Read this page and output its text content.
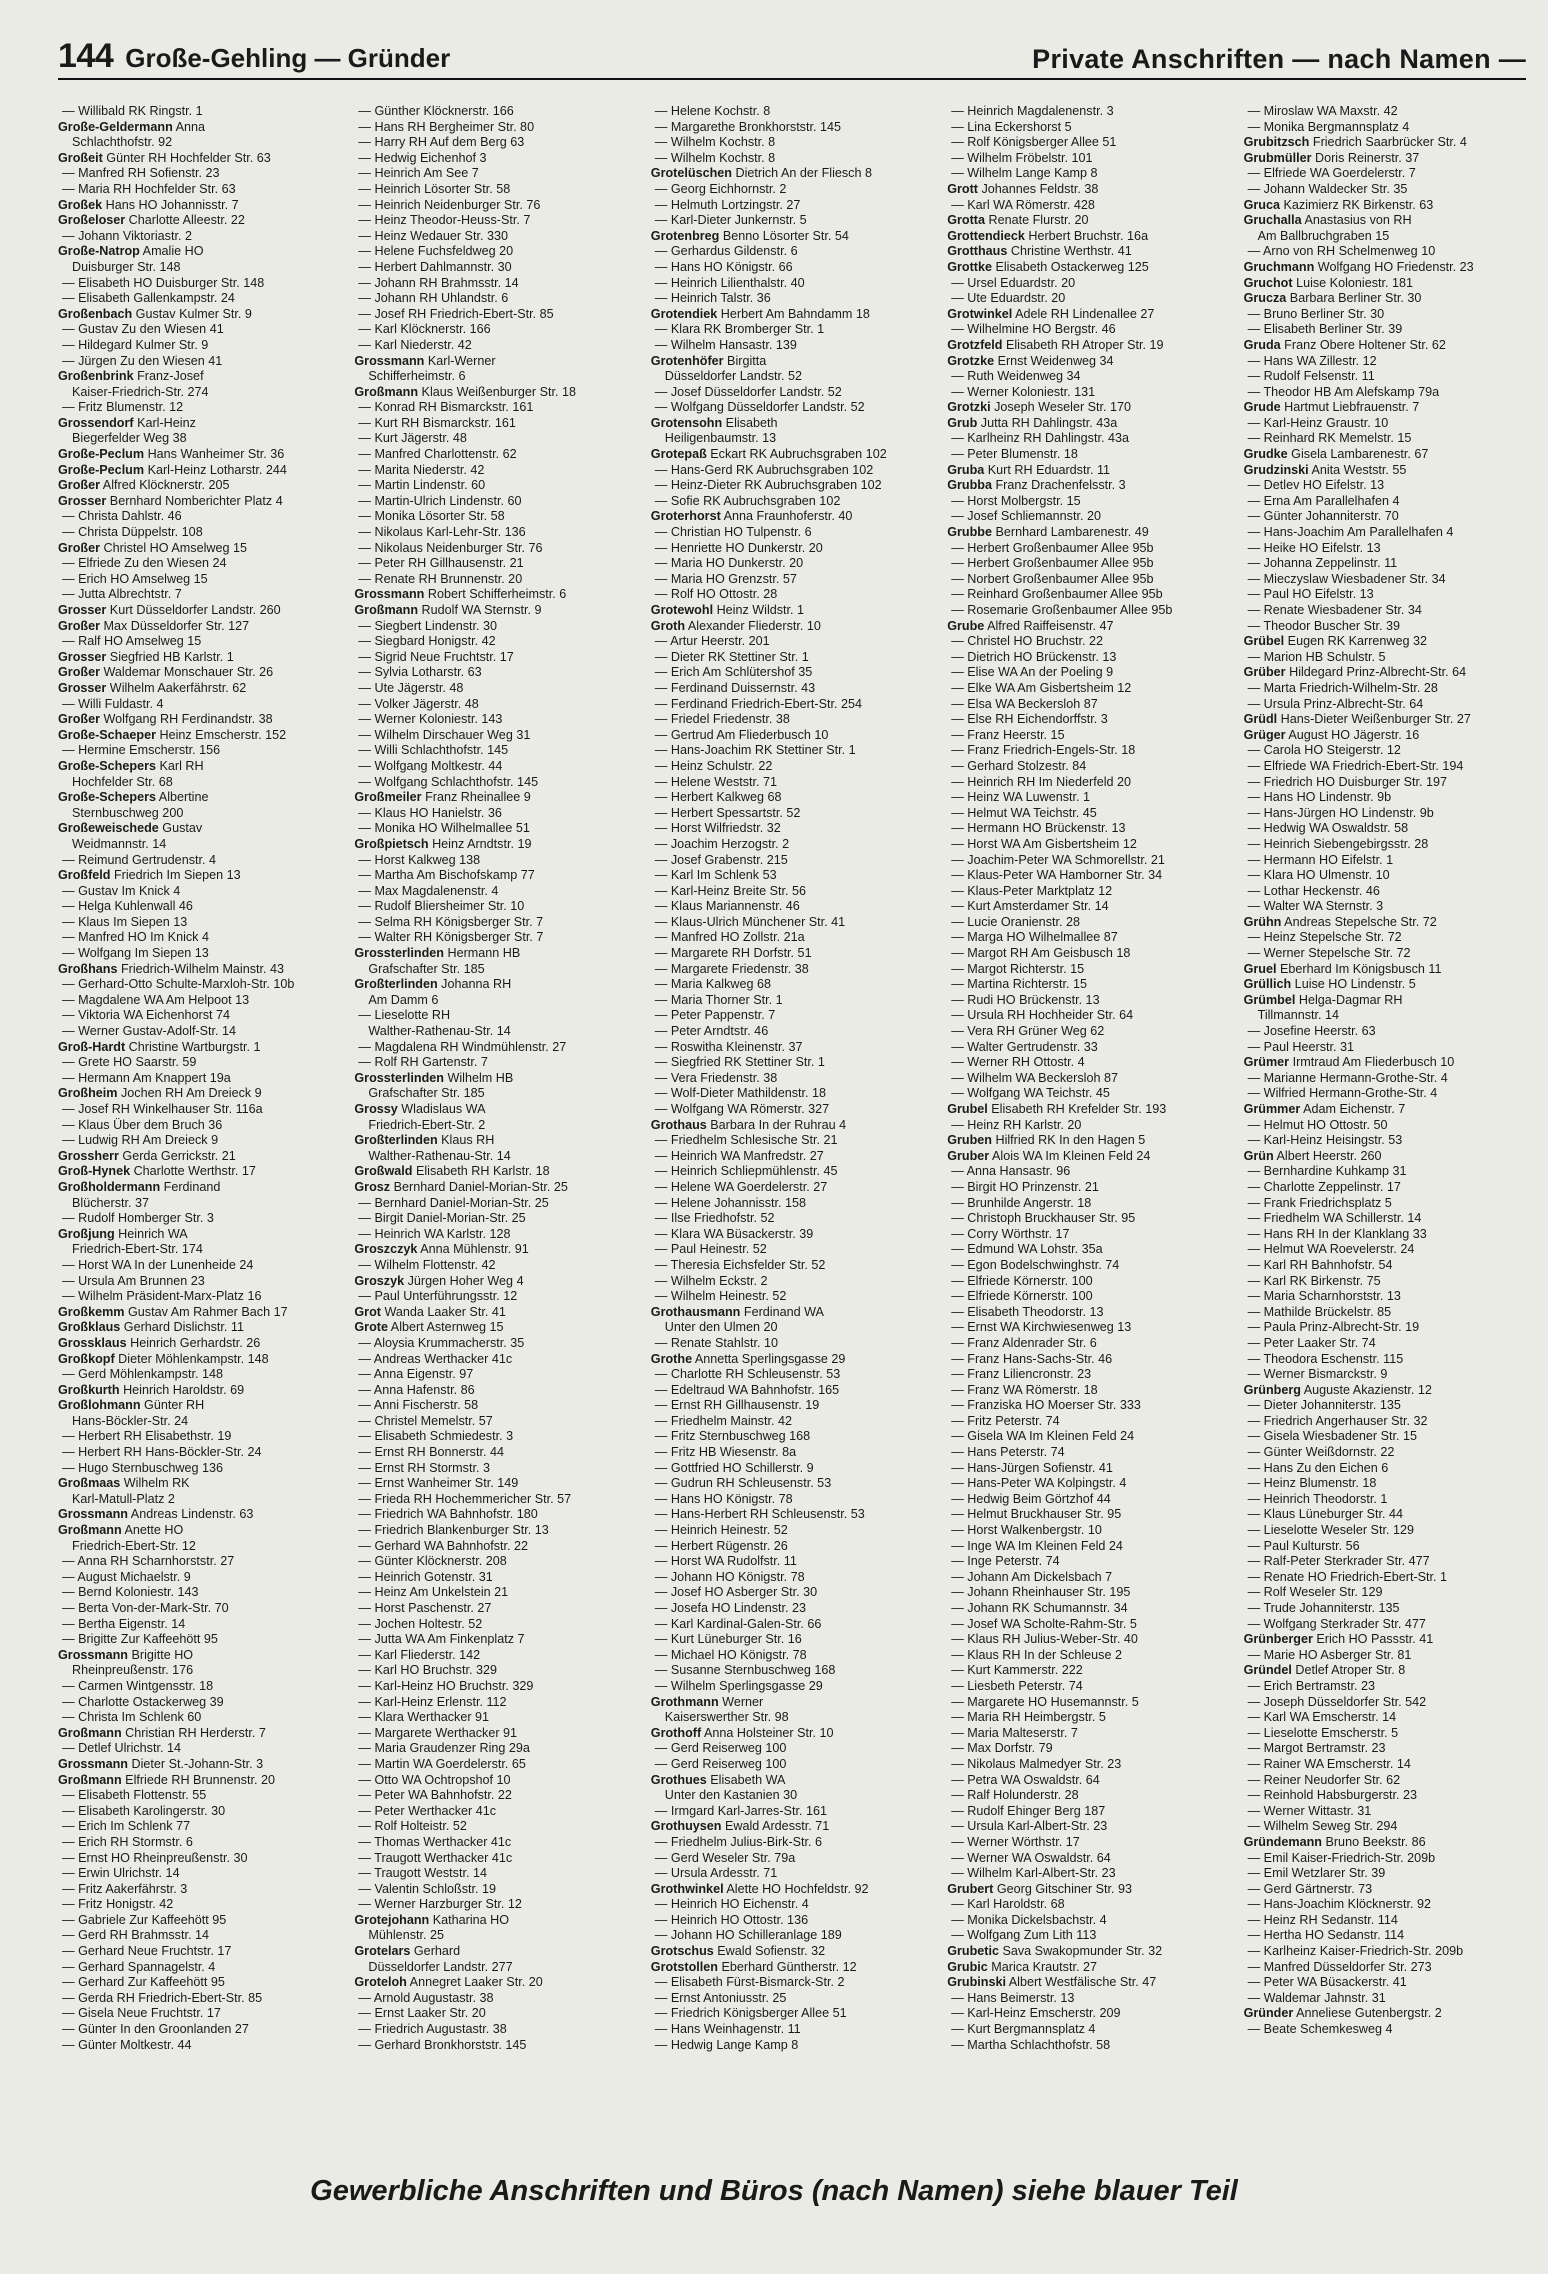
144 Große-Gehling — Gründer	Private Anschriften — nach Namen —
— Willibald RK Ringstr. 1
Große-Geldermann Anna
Schlachthofstr. 92
Großeit Günter RH Hochfelder Str. 63
— Manfred RH Sofienstr. 23
— Maria RH Hochfelder Str. 63
Großek Hans HO Johannisstr. 7
Großeloser Charlotte Alleestr. 22
— Johann Viktoriastr. 2
Große-Natrop Amalie HO
Duisburger Str. 148
— Elisabeth HO Duisburger Str. 148
— Elisabeth Gallenkampstr. 24
Großenbach Gustav Kulmer Str. 9
— Gustav Zu den Wiesen 41
— Hildegard Kulmer Str. 9
— Jürgen Zu den Wiesen 41
Großenbrink Franz-Josef
Kaiser-Friedrich-Str. 274
— Fritz Blumenstr. 12
Grossendorf Karl-Heinz
Biegerfelder Weg 38
Große-Peclum Hans Wanheimer Str. 36
Große-Peclum Karl-Heinz Lotharstr. 244
Großer Alfred Klöcknerstr. 205
Grosser Bernhard Nomberichter Platz 4
— Christa Dahlstr. 46
— Christa Düppelstr. 108
Großer Christel HO Amselweg 15
— Elfriede Zu den Wiesen 24
— Erich HO Amselweg 15
— Jutta Albrechtstr. 7
Grosser Kurt Düsseldorfer Landstr. 260
Großer Max Düsseldorfer Str. 127
— Ralf HO Amselweg 15
Grosser Siegfried HB Karlstr. 1
Großer Waldemar Monschauer Str. 26
Grosser Wilhelm Aakerfährstr. 62
— Willi Fuldastr. 4
Großer Wolfgang RH Ferdinandstr. 38
Große-Schaeper Heinz Emscherstr. 152
— Hermine Emscherstr. 156
Große-Schepers Karl RH
Hochfelder Str. 68
Große-Schepers Albertine
Sternbuschweg 200
Großeweischede Gustav
Weidmannstr. 14
— Reimund Gertrudenstr. 4
Großfeld Friedrich Im Siepen 13
— Gustav Im Knick 4
— Helga Kuhlenwall 46
— Klaus Im Siepen 13
— Manfred HO Im Knick 4
— Wolfgang Im Siepen 13
Großhans Friedrich-Wilhelm Mainstr. 43
— Gerhard-Otto Schulte-Marxloh-Str. 10b
— Magdalene WA Am Helpoot 13
— Viktoria WA Eichenhorst 74
— Werner Gustav-Adolf-Str. 14
Groß-Hardt Christine Wartburgstr. 1
— Grete HO Saarstr. 59
— Hermann Am Knappert 19a
Großheim Jochen RH Am Dreieck 9
— Josef RH Winkelhauser Str. 116a
— Klaus Über dem Bruch 36
— Ludwig RH Am Dreieck 9
Grossherr Gerda Gerrickstr. 21
Groß-Hynek Charlotte Werthstr. 17
Großholdermann Ferdinand
Blücherstr. 37
— Rudolf Homberger Str. 3
Großjung Heinrich WA
Friedrich-Ebert-Str. 174
— Horst WA In der Lunenheide 24
— Ursula Am Brunnen 23
— Wilhelm Präsident-Marx-Platz 16
Großkemm Gustav Am Rahmer Bach 17
Großklaus Gerhard Dislichstr. 11
Grossklaus Heinrich Gerhardstr. 26
Großkopf Dieter Möhlenkampstr. 148
— Gerd Möhlenkampstr. 148
Großkurth Heinrich Haroldstr. 69
Großlohmann Günter RH
Hans-Böckler-Str. 24
— Herbert RH Elisabethstr. 19
— Herbert RH Hans-Böckler-Str. 24
— Hugo Sternbuschweg 136
Großmaas Wilhelm RK
Karl-Matull-Platz 2
Grossmann Andreas Lindenstr. 63
Großmann Anette HO
Friedrich-Ebert-Str. 12
— Anna RH Scharnhorststr. 27
— August Michaelstr. 9
— Bernd Koloniestr. 143
— Berta Von-der-Mark-Str. 70
— Bertha Eigenstr. 14
— Brigitte Zur Kaffeehött 95
Grossmann Brigitte HO
Rheinpreußenstr. 176
— Carmen Wintgensstr. 18
— Charlotte Ostackerweg 39
— Christa Im Schlenk 60
Großmann Christian RH Herderstr. 7
— Detlef Ulrichstr. 14
Grossmann Dieter St.-Johann-Str. 3
Großmann Elfriede RH Brunnenstr. 20
— Elisabeth Flottenstr. 55
— Elisabeth Karolingerstr. 30
— Erich Im Schlenk 77
— Erich RH Stormstr. 6
— Ernst HO Rheinpreußenstr. 30
— Erwin Ulrichstr. 14
— Fritz Aakerfährstr. 3
— Fritz Honigstr. 42
— Gabriele Zur Kaffeehött 95
— Gerd RH Brahmsstr. 14
— Gerhard Neue Fruchtstr. 17
— Gerhard Spannagelstr. 4
— Gerhard Zur Kaffeehött 95
— Gerda RH Friedrich-Ebert-Str. 85
— Gisela Neue Fruchtstr. 17
— Günter In den Groonlanden 27
— Günter Moltkestr. 44
— Günther Klöcknerstr. 166
— Hans RH Bergheimer Str. 80
— Harry RH Auf dem Berg 63
— Hedwig Eichenhof 3
— Heinrich Am See 7
— Heinrich Lösorter Str. 58
— Heinrich Neidenburger Str. 76
— Heinz Theodor-Heuss-Str. 7
— Heinz Wedauer Str. 330
— Helene Fuchsfeldweg 20
— Herbert Dahlmannstr. 30
— Johann RH Brahmsstr. 14
— Johann RH Uhlandstr. 6
— Josef RH Friedrich-Ebert-Str. 85
— Karl Klöcknerstr. 166
— Karl Niederstr. 42
Grossmann Karl-Werner
Schifferheimstr. 6
Großmann Klaus Weißenburger Str. 18
— Konrad RH Bismarckstr. 161
— Kurt RH Bismarckstr. 161
— Kurt Jägerstr. 48
— Manfred Charlottenstr. 62
— Marita Niederstr. 42
— Martin Lindenstr. 60
— Martin-Ulrich Lindenstr. 60
— Monika Lösorter Str. 58
— Nikolaus Karl-Lehr-Str. 136
— Nikolaus Neidenburger Str. 76
— Peter RH Gillhausenstr. 21
— Renate RH Brunnenstr. 20
Grossmann Robert Schifferheimstr. 6
Großmann Rudolf WA Sternstr. 9
— Siegbert Lindenstr. 30
— Siegbard Honigstr. 42
— Sigrid Neue Fruchtstr. 17
— Sylvia Lotharstr. 63
— Ute Jägerstr. 48
— Volker Jägerstr. 48
— Werner Koloniestr. 143
— Wilhelm Dirschauer Weg 31
— Willi Schlachthofstr. 145
— Wolfgang Moltkestr. 44
— Wolfgang Schlachthofstr. 145
Großmeiler Franz Rheinallee 9
— Klaus HO Hanielstr. 36
— Monika HO Wilhelmallee 51
Großpietsch Heinz Arndtstr. 19
— Horst Kalkweg 138
— Martha Am Bischofskamp 77
— Max Magdalenenstr. 4
— Rudolf Bliersheimer Str. 10
— Selma RH Königsberger Str. 7
— Walter RH Königsberger Str. 7
Grossterlinden Hermann HB
Grafschafter Str. 185
Großterlinden Johanna RH
Am Damm 6
— Lieselotte RH
Walther-Rathenau-Str. 14
— Magdalena RH Windmühlenstr. 27
— Rolf RH Gartenstr. 7
Grossterlinden Wilhelm HB
Grafschafter Str. 185
Grossy Wladislaus WA
Friedrich-Ebert-Str. 2
Großterlinden Klaus RH
Walther-Rathenau-Str. 14
Großwald Elisabeth RH Karlstr. 18
Grosz Bernhard Daniel-Morian-Str. 25
— Bernhard Daniel-Morian-Str. 25
— Birgit Daniel-Morian-Str. 25
— Heinrich WA Karlstr. 128
Groszczyk Anna Mühlenstr. 91
— Wilhelm Flottenstr. 42
Groszyk Jürgen Hoher Weg 4
— Paul Unterführungsstr. 12
Grot Wanda Laaker Str. 41
Grote Albert Asternweg 15
— Aloysia Krummacherstr. 35
— Andreas Werthacker 41c
— Anna Eigenstr. 97
— Anna Hafenstr. 86
— Anni Fischerstr. 58
— Christel Memelstr. 57
— Elisabeth Schmiedestr. 3
— Ernst RH Bonnerstr. 44
— Ernst RH Stormstr. 3
— Ernst Wanheimer Str. 149
— Frieda RH Hochemmericher Str. 57
— Friedrich WA Bahnhofstr. 180
— Friedrich Blankenburger Str. 13
— Gerhard WA Bahnhofstr. 22
— Günter Klöcknerstr. 208
— Heinrich Gotenstr. 31
— Heinz Am Unkelstein 21
— Horst Paschenstr. 27
— Jochen Holtestr. 52
— Jutta WA Am Finkenplatz 7
— Karl Fliederstr. 142
— Karl HO Bruchstr. 329
— Karl-Heinz HO Bruchstr. 329
— Karl-Heinz Erlenstr. 112
— Klara Werthacker 91
— Margarete Werthacker 91
— Maria Graudenzer Ring 29a
— Martin WA Goerdelerstr. 65
— Otto WA Ochtropshof 10
— Peter WA Bahnhofstr. 22
— Peter Werthacker 41c
— Rolf Holteistr. 52
— Thomas Werthacker 41c
— Traugott Werthacker 41c
— Traugott Weststr. 14
— Valentin Schloßstr. 19
— Werner Harzburger Str. 12
Grotejohann Katharina HO
Mühlenstr. 25
Grotelars Gerhard
Düsseldorfer Landstr. 277
Groteloh Annegret Laaker Str. 20
— Arnold Augustastr. 38
— Ernst Laaker Str. 20
— Friedrich Augustastr. 38
— Gerhard Bronkhorststr. 145
— Helene Kochstr. 8
— Margarethe Bronkhorststr. 145
— Wilhelm Kochstr. 8
— Wilhelm Kochstr. 8
Grotelüschen Dietrich An der Fliesch 8
— Georg Eichhornstr. 2
— Helmuth Lortzingstr. 27
— Karl-Dieter Junkernstr. 5
Grotenbreg Benno Lösorter Str. 54
— Gerhardus Gildenstr. 6
— Hans HO Königstr. 66
— Heinrich Lilienthalstr. 40
— Heinrich Talstr. 36
Grotendiek Herbert Am Bahndamm 18
— Klara RK Bromberger Str. 1
— Wilhelm Hansastr. 139
Grotenhöfer Birgitta
Düsseldorfer Landstr. 52
— Josef Düsseldorfer Landstr. 52
— Wolfgang Düsseldorfer Landstr. 52
Grotensohn Elisabeth
Heiligenbaumstr. 13
Grotepaß Eckart RK Aubruchsgraben 102
— Hans-Gerd RK Aubruchsgraben 102
— Heinz-Dieter RK Aubruchsgraben 102
— Sofie RK Aubruchsgraben 102
Groterhorst Anna Fraunhoferstr. 40
— Christian HO Tulpenstr. 6
— Henriette HO Dunkerstr. 20
— Maria HO Dunkerstr. 20
— Maria HO Grenzstr. 57
— Rolf HO Ottostr. 28
Grotewohl Heinz Wildstr. 1
Groth Alexander Fliederstr. 10
— Artur Heerstr. 201
— Dieter RK Stettiner Str. 1
— Erich Am Schlütershof 35
— Ferdinand Duissernstr. 43
— Ferdinand Friedrich-Ebert-Str. 254
— Friedel Friedenstr. 38
— Gertrud Am Fliederbusch 10
— Hans-Joachim RK Stettiner Str. 1
— Heinz Schulstr. 22
— Helene Weststr. 71
— Herbert Kalkweg 68
— Herbert Spessartstr. 52
— Horst Wilfriedstr. 32
— Joachim Herzogstr. 2
— Josef Grabenstr. 215
— Karl Im Schlenk 53
— Karl-Heinz Breite Str. 56
— Klaus Mariannenstr. 46
— Klaus-Ulrich Münchener Str. 41
— Manfred HO Zollstr. 21a
— Margarete RH Dorfstr. 51
— Margarete Friedenstr. 38
— Maria Kalkweg 68
— Maria Thorner Str. 1
— Peter Pappenstr. 7
— Peter Arndtstr. 46
— Roswitha Kleinenstr. 37
— Siegfried RK Stettiner Str. 1
— Vera Friedenstr. 38
— Wolf-Dieter Mathildenstr. 18
— Wolfgang WA Römerstr. 327
Grothaus Barbara In der Ruhrau 4
— Friedhelm Schlesische Str. 21
— Heinrich WA Manfredstr. 27
— Heinrich Schliepmühlenstr. 45
— Helene WA Goerdelerstr. 27
— Helene Johannisstr. 158
— Ilse Friedhofstr. 52
— Klara WA Büsackerstr. 39
— Paul Heinestr. 52
— Theresia Eichsfelder Str. 52
— Wilhelm Eckstr. 2
— Wilhelm Heinestr. 52
Grothausmann Ferdinand WA
Unter den Ulmen 20
— Renate Stahlstr. 10
Grothe Annetta Sperlingsgasse 29
— Charlotte RH Schleusenstr. 53
— Edeltraud WA Bahnhofstr. 165
— Ernst RH Gillhausenstr. 19
— Friedhelm Mainstr. 42
— Fritz Sternbuschweg 168
— Fritz HB Wiesenstr. 8a
— Gottfried HO Schillerstr. 9
— Gudrun RH Schleusenstr. 53
— Hans HO Königstr. 78
— Hans-Herbert RH Schleusenstr. 53
— Heinrich Heinestr. 52
— Herbert Rügenstr. 26
— Horst WA Rudolfstr. 11
— Johann HO Königstr. 78
— Josef HO Asberger Str. 30
— Josefa HO Lindenstr. 23
— Karl Kardinal-Galen-Str. 66
— Kurt Lüneburger Str. 16
— Michael HO Königstr. 78
— Susanne Sternbuschweg 168
— Wilhelm Sperlingsgasse 29
Grothmann Werner
Kaiserswerther Str. 98
Grothoff Anna Holsteiner Str. 10
— Gerd Reiserweg 100
— Gerd Reiserweg 100
Grothues Elisabeth WA
Unter den Kastanien 30
— Irmgard Karl-Jarres-Str. 161
Grothuysen Ewald Ardesstr. 71
— Friedhelm Julius-Birk-Str. 6
— Gerd Weseler Str. 79a
— Ursula Ardesstr. 71
Grothwinkel Alette HO Hochfeldstr. 92
— Heinrich HO Eichenstr. 4
— Heinrich HO Ottostr. 136
— Johann HO Schilleranlage 189
Grotschus Ewald Sofienstr. 32
Grotstollen Eberhard Güntherstr. 12
— Elisabeth Fürst-Bismarck-Str. 2
— Ernst Antoniusstr. 25
— Friedrich Königsberger Allee 51
— Hans Weinhagenstr. 11
— Hedwig Lange Kamp 8
— Heinrich Magdalenenstr. 3
— Lina Eckershorst 5
— Rolf Königsberger Allee 51
— Wilhelm Fröbelstr. 101
— Wilhelm Lange Kamp 8
Grott Johannes Feldstr. 38
— Karl WA Römerstr. 428
Grotta Renate Flurstr. 20
Grottendieck Herbert Bruchstr. 16a
Grotthaus Christine Werthstr. 41
Grottke Elisabeth Ostackerweg 125
— Ursel Eduardstr. 20
— Ute Eduardstr. 20
Grotwinkel Adele RH Lindenallee 27
— Wilhelmine HO Bergstr. 46
Grotzfeld Elisabeth RH Atroper Str. 19
Grotzke Ernst Weidenweg 34
— Ruth Weidenweg 34
— Werner Koloniestr. 131
Grotzki Joseph Weseler Str. 170
Grub Jutta RH Dahlingstr. 43a
— Karlheinz RH Dahlingstr. 43a
— Peter Blumenstr. 18
Gruba Kurt RH Eduardstr. 11
Grubba Franz Drachenfelsstr. 3
— Horst Molbergstr. 15
— Josef Schliemannstr. 20
Grubbe Bernhard Lambarenestr. 49
— Herbert Großenbaumer Allee 95b
— Herbert Großenbaumer Allee 95b
— Norbert Großenbaumer Allee 95b
— Reinhard Großenbaumer Allee 95b
— Rosemarie Großenbaumer Allee 95b
Grube Alfred Raiffeisenstr. 47
— Christel HO Bruchstr. 22
— Dietrich HO Brückenstr. 13
— Elise WA An der Poeling 9
— Elke WA Am Gisbertsheim 12
— Elsa WA Beckersloh 87
— Else RH Eichendorffstr. 3
— Franz Heerstr. 15
— Franz Friedrich-Engels-Str. 18
— Gerhard Stolzestr. 84
— Heinrich RH Im Niederfeld 20
— Heinz WA Luwenstr. 1
— Helmut WA Teichstr. 45
— Hermann HO Brückenstr. 13
— Horst WA Am Gisbertsheim 12
— Joachim-Peter WA Schmorellstr. 21
— Klaus-Peter WA Hamborner Str. 34
— Klaus-Peter Marktplatz 12
— Kurt Amsterdamer Str. 14
— Lucie Oranienstr. 28
— Marga HO Wilhelmallee 87
— Margot RH Am Geisbusch 18
— Margot Richterstr. 15
— Martina Richterstr. 15
— Rudi HO Brückenstr. 13
— Ursula RH Hochheider Str. 64
— Vera RH Grüner Weg 62
— Walter Gertrudenstr. 33
— Werner RH Ottostr. 4
— Wilhelm WA Beckersloh 87
— Wolfgang WA Teichstr. 45
Grubel Elisabeth RH Krefelder Str. 193
— Heinz RH Karlstr. 20
Gruben Hilfried RK In den Hagen 5
Gruber Alois WA Im Kleinen Feld 24
— Anna Hansastr. 96
— Birgit HO Prinzenstr. 21
— Brunhilde Angerstr. 18
— Christoph Bruckhauser Str. 95
— Corry Wörthstr. 17
— Edmund WA Lohstr. 35a
— Egon Bodelschwinghstr. 74
— Elfriede Körnerstr. 100
— Elfriede Körnerstr. 100
— Elisabeth Theodorstr. 13
— Ernst WA Kirchwiesenweg 13
— Franz Aldenrader Str. 6
— Franz Hans-Sachs-Str. 46
— Franz Liliencronstr. 23
— Franz WA Römerstr. 18
— Franziska HO Moerser Str. 333
— Fritz Peterstr. 74
— Gisela WA Im Kleinen Feld 24
— Hans Peterstr. 74
— Hans-Jürgen Sofienstr. 41
— Hans-Peter WA Kolpingstr. 4
— Hedwig Beim Görtzhof 44
— Helmut Bruckhauser Str. 95
— Horst Walkenbergstr. 10
— Inge WA Im Kleinen Feld 24
— Inge Peterstr. 74
— Johann Am Dickelsbach 7
— Johann Rheinhauser Str. 195
— Johann RK Schumannstr. 34
— Josef WA Scholte-Rahm-Str. 5
— Klaus RH Julius-Weber-Str. 40
— Klaus RH In der Schleuse 2
— Kurt Kammerstr. 222
— Liesbeth Peterstr. 74
— Margarete HO Husemannstr. 5
— Maria RH Heimbergstr. 5
— Maria Malteserstr. 7
— Max Dorfstr. 79
— Nikolaus Malmedyer Str. 23
— Petra WA Oswaldstr. 64
— Ralf Holunderstr. 28
— Rudolf Ehinger Berg 187
— Ursula Karl-Albert-Str. 23
— Werner Wörthstr. 17
— Werner WA Oswaldstr. 64
— Wilhelm Karl-Albert-Str. 23
Grubert Georg Gitschiner Str. 93
— Karl Haroldstr. 68
— Monika Dickelsbachstr. 4
— Wolfgang Zum Lith 113
Grubetic Sava Swakopmunder Str. 32
Grubic Marica Krautstr. 27
Grubinski Albert Westfälische Str. 47
— Hans Beimerstr. 13
— Karl-Heinz Emscherstr. 209
— Kurt Bergmannsplatz 4
— Martha Schlachthofstr. 58
— Miroslaw WA Maxstr. 42
— Monika Bergmannsplatz 4
Grubitzsch Friedrich Saarbrücker Str. 4
Grubmüller Doris Reinerstr. 37
— Elfriede WA Goerdelerstr. 7
— Johann Waldecker Str. 35
Gruca Kazimierz RK Birkenstr. 63
Gruchalla Anastasius von RH
Am Ballbruchgraben 15
— Arno von RH Schelmenweg 10
Gruchmann Wolfgang HO Friedenstr. 23
Gruchot Luise Koloniestr. 181
Grucza Barbara Berliner Str. 30
— Bruno Berliner Str. 30
— Elisabeth Berliner Str. 39
Gruda Franz Obere Holtener Str. 62
— Hans WA Zillestr. 12
— Rudolf Felsenstr. 11
— Theodor HB Am Alefskamp 79a
Grude Hartmut Liebfrauenstr. 7
— Karl-Heinz Graustr. 10
— Reinhard RK Memelstr. 15
Grudke Gisela Lambarenestr. 67
Grudzinski Anita Weststr. 55
— Detlev HO Eifelstr. 13
— Erna Am Parallelhafen 4
— Günter Johanniterstr. 70
— Hans-Joachim Am Parallelhafen 4
— Heike HO Eifelstr. 13
— Johanna Zeppelinstr. 11
— Mieczyslaw Wiesbadener Str. 34
— Paul HO Eifelstr. 13
— Renate Wiesbadener Str. 34
— Theodor Buscher Str. 39
Grübel Eugen RK Karrenweg 32
— Marion HB Schulstr. 5
Grüber Hildegard Prinz-Albrecht-Str. 64
— Marta Friedrich-Wilhelm-Str. 28
— Ursula Prinz-Albrecht-Str. 64
Grüdl Hans-Dieter Weißenburger Str. 27
Grüger August HO Jägerstr. 16
— Carola HO Steigerstr. 12
— Elfriede WA Friedrich-Ebert-Str. 194
— Friedrich HO Duisburger Str. 197
— Hans HO Lindenstr. 9b
— Hans-Jürgen HO Lindenstr. 9b
— Hedwig WA Oswaldstr. 58
— Heinrich Siebengebirgsstr. 28
— Hermann HO Eifelstr. 1
— Klara HO Ulmenstr. 10
— Lothar Heckenstr. 46
— Walter WA Sternstr. 3
Grühn Andreas Stepelsche Str. 72
— Heinz Stepelsche Str. 72
— Werner Stepelsche Str. 72
Gruel Eberhard Im Königsbusch 11
Grüllich Luise HO Lindenstr. 5
Grümbel Helga-Dagmar RH
Tillmannstr. 14
— Josefine Heerstr. 63
— Paul Heerstr. 31
Grümer Irmtraud Am Fliederbusch 10
— Marianne Hermann-Grothe-Str. 4
— Wilfried Hermann-Grothe-Str. 4
Grümmer Adam Eichenstr. 7
— Helmut HO Ottostr. 50
— Karl-Heinz Heisingstr. 53
Grün Albert Heerstr. 260
— Bernhardine Kuhkamp 31
— Charlotte Zeppelinstr. 17
— Frank Friedrichsplatz 5
— Friedhelm WA Schillerstr. 14
— Hans RH In der Klanklang 33
— Helmut WA Roevelerstr. 24
— Karl RH Bahnhofstr. 54
— Karl RK Birkenstr. 75
— Maria Scharnhorststr. 13
— Mathilde Brückelstr. 85
— Paula Prinz-Albrecht-Str. 19
— Peter Laaker Str. 74
— Theodora Eschenstr. 115
— Werner Bismarckstr. 9
Grünberg Auguste Akazienstr. 12
— Dieter Johanniterstr. 135
— Friedrich Angerhauser Str. 32
— Gisela Wiesbadener Str. 15
— Günter Weißdornstr. 22
— Hans Zu den Eichen 6
— Heinz Blumenstr. 18
— Heinrich Theodorstr. 1
— Klaus Lüneburger Str. 44
— Lieselotte Weseler Str. 129
— Paul Kulturstr. 56
— Ralf-Peter Sterkrader Str. 477
— Renate HO Friedrich-Ebert-Str. 1
— Rolf Weseler Str. 129
— Trude Johanniterstr. 135
— Wolfgang Sterkrader Str. 477
Grünberger Erich HO Passstr. 41
— Marie HO Asberger Str. 81
Gründel Detlef Atroper Str. 8
— Erich Bertramstr. 23
— Joseph Düsseldorfer Str. 542
— Karl WA Emscherstr. 14
— Lieselotte Emscherstr. 5
— Margot Bertramstr. 23
— Rainer WA Emscherstr. 14
— Reiner Neudorfer Str. 62
— Reinhold Habsburgerstr. 23
— Werner Wittastr. 31
— Wilhelm Seweg Str. 294
Gründemann Bruno Beekstr. 86
— Emil Kaiser-Friedrich-Str. 209b
— Emil Wetzlarer Str. 39
— Gerd Gärtnerstr. 73
— Hans-Joachim Klöcknerstr. 92
— Heinz RH Sedanstr. 114
— Hertha HO Sedanstr. 114
— Karlheinz Kaiser-Friedrich-Str. 209b
— Manfred Düsseldorfer Str. 273
— Peter WA Büsackerstr. 41
— Waldemar Jahnstr. 31
Gründer Anneliese Gutenbergstr. 2
— Beate Schemkesweg 4
Gewerbliche Anschriften und Büros (nach Namen) siehe blauer Teil
